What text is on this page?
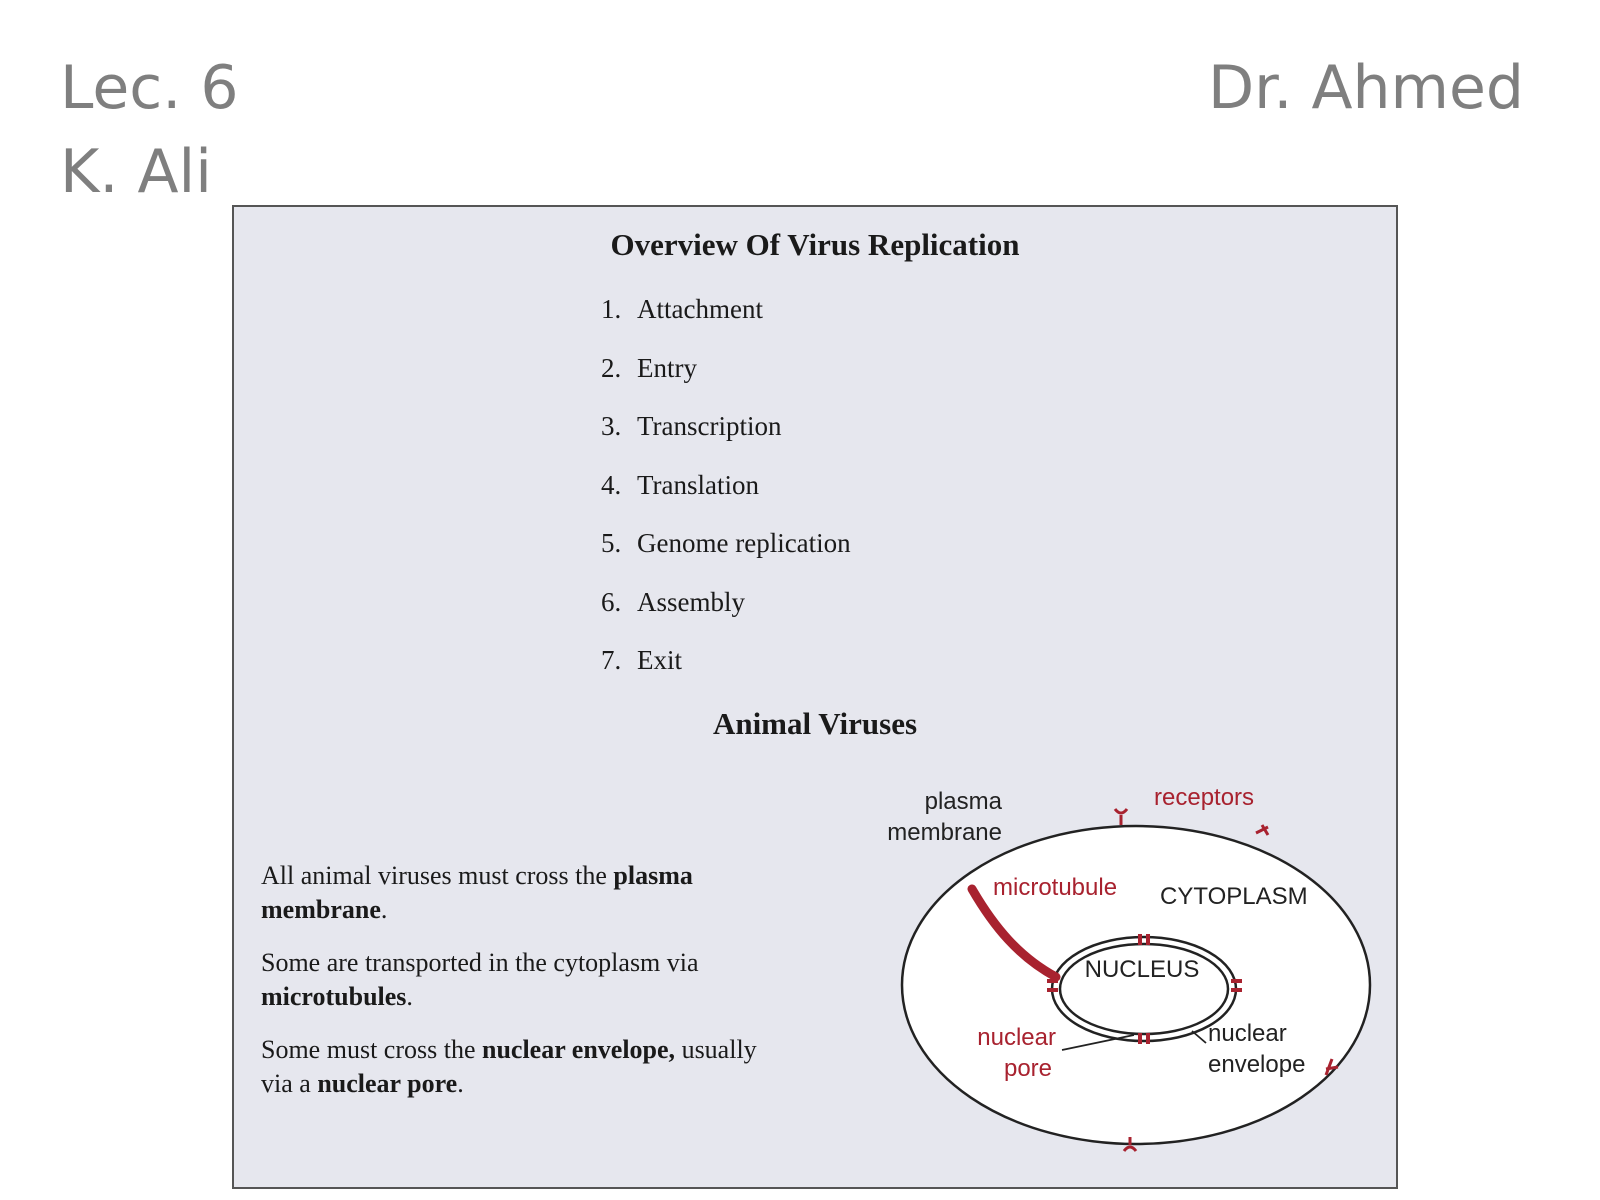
Lec. 6	Dr. Ahmed
K. Ali
Overview Of Virus Replication
1. Attachment
2. Entry
3. Transcription
4. Translation
5. Genome replication
6. Assembly
7. Exit
Animal Viruses

All animal viruses must cross the plasma membrane.

Some are transported in the cytoplasm via microtubules.

Some must cross the nuclear envelope, usually via a nuclear pore.

plasma
membrane
receptors
microtubule CYTOPLASM
NUCLEUS
nuclear
pore
nuclear
envelope
